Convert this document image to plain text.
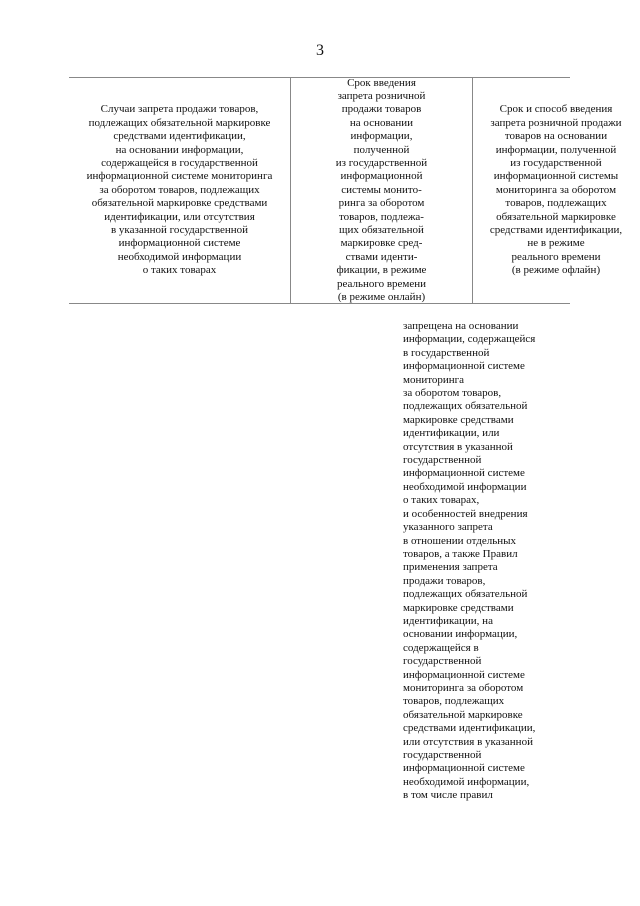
3
Случаи запрета продажи товаров,
подлежащих обязательной маркировке
средствами идентификации,
на основании информации,
содержащейся в государственной
информационной системе мониторинга
за оборотом товаров, подлежащих
обязательной маркировке средствами
идентификации, или отсутствия
в указанной государственной
информационной системе
необходимой информации
о таких товарах
Срок введения
запрета розничной
продажи товаров
на основании
информации,
полученной
из государственной
информационной
системы монито-
ринга за оборотом
товаров, подлежа-
щих обязательной
маркировке сред-
ствами иденти-
фикации, в режиме
реального времени
(в режиме онлайн)
Срок и способ введения
запрета розничной продажи
товаров на основании
информации, полученной
из государственной
информационной системы
мониторинга за оборотом
товаров, подлежащих
обязательной маркировке
средствами идентификации,
не в режиме
реального времени
(в режиме офлайн)
запрещена на основании
информации, содержащейся
в государственной
информационной системе
мониторинга
за оборотом товаров,
подлежащих обязательной
маркировке средствами
идентификации, или
отсутствия в указанной
государственной
информационной системе
необходимой информации
о таких товарах,
и особенностей внедрения
указанного запрета
в отношении отдельных
товаров, а также Правил
применения запрета
продажи товаров,
подлежащих обязательной
маркировке средствами
идентификации, на
основании информации,
содержащейся в
государственной
информационной системе
мониторинга за оборотом
товаров, подлежащих
обязательной маркировке
средствами идентификации,
или отсутствия в указанной
государственной
информационной системе
необходимой информации,
в том числе правил
